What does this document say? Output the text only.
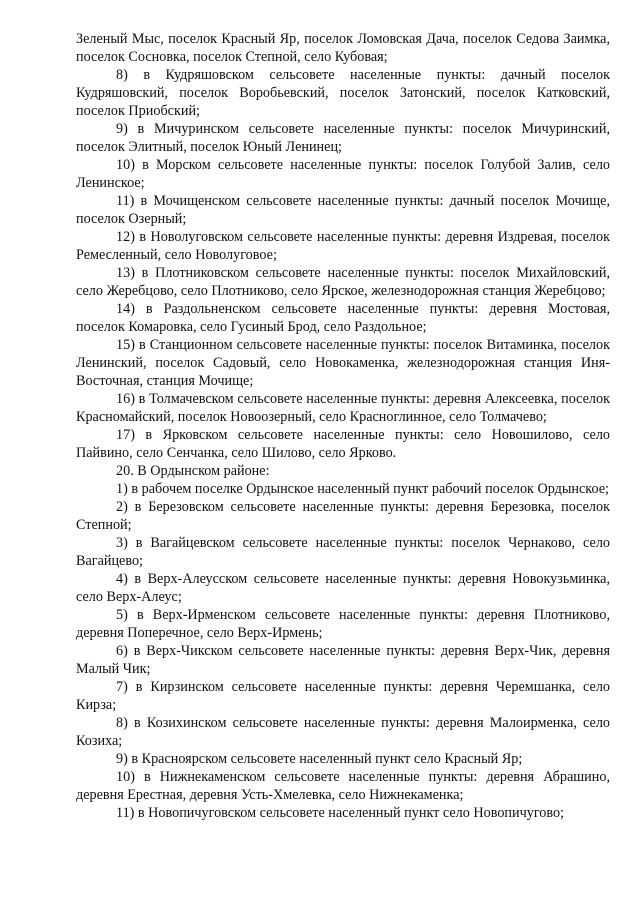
Зеленый Мыс, поселок Красный Яр, поселок Ломовская Дача, поселок Седова Заимка, поселок Сосновка, поселок Степной, село Кубовая;

8) в Кудряшовском сельсовете населенные пункты: дачный поселок Кудряшовский, поселок Воробьевский, поселок Затонский, поселок Катковский, поселок Приобский;

9) в Мичуринском сельсовете населенные пункты: поселок Мичуринский, поселок Элитный, поселок Юный Ленинец;

10) в Морском сельсовете населенные пункты: поселок Голубой Залив, село Ленинское;

11) в Мочищенском сельсовете населенные пункты: дачный поселок Мочище, поселок Озерный;

12) в Новолуговском сельсовете населенные пункты: деревня Издревая, поселок Ремесленный, село Новолуговое;

13) в Плотниковском сельсовете населенные пункты: поселок Михайловский, село Жеребцово, село Плотниково, село Ярское, железнодорожная станция Жеребцово;

14) в Раздольненском сельсовете населенные пункты: деревня Мостовая, поселок Комаровка, село Гусиный Брод, село Раздольное;

15) в Станционном сельсовете населенные пункты: поселок Витаминка, поселок Ленинский, поселок Садовый, село Новокаменка, железнодорожная станция Иня-Восточная, станция Мочище;

16) в Толмачевском сельсовете населенные пункты: деревня Алексеевка, поселок Красномайский, поселок Новоозерный, село Красноглинное, село Толмачево;

17) в Ярковском сельсовете населенные пункты: село Новошилово, село Пайвино, село Сенчанка, село Шилово, село Ярково.

20. В Ордынском районе:

1) в рабочем поселке Ордынское населенный пункт рабочий поселок Ордынское;

2) в Березовском сельсовете населенные пункты: деревня Березовка, поселок Степной;

3) в Вагайцевском сельсовете населенные пункты: поселок Чернаково, село Вагайцево;

4) в Верх-Алеусском сельсовете населенные пункты: деревня Новокузьминка, село Верх-Алеус;

5) в Верх-Ирменском сельсовете населенные пункты: деревня Плотниково, деревня Поперечное, село Верх-Ирмень;

6) в Верх-Чикском сельсовете населенные пункты: деревня Верх-Чик, деревня Малый Чик;

7) в Кирзинском сельсовете населенные пункты: деревня Черемшанка, село Кирза;

8) в Козихинском сельсовете населенные пункты: деревня Малоирменка, село Козиха;

9) в Красноярском сельсовете населенный пункт село Красный Яр;

10) в Нижнекаменском сельсовете населенные пункты: деревня Абрашино, деревня Ерестная, деревня Усть-Хмелевка, село Нижнекаменка;

11) в Новопичуговском сельсовете населенный пункт село Новопичугово;
